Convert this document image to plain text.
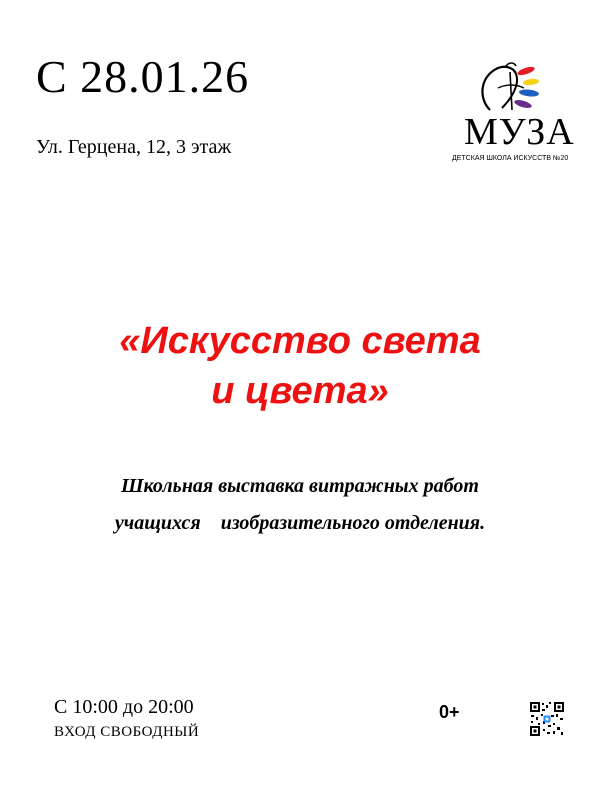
С 28.01.26
Ул. Герцена, 12, 3 этаж	МУЗА
ДЕТСКАЯ ШКОЛА ИСКУССТВ №20
«Искусство света
и цвета»
Школьная выставка витражных работ
учащихся    изобразительного отделения.
С 10:00 до 20:00
ВХОД СВОБОДНЫЙ
0+
